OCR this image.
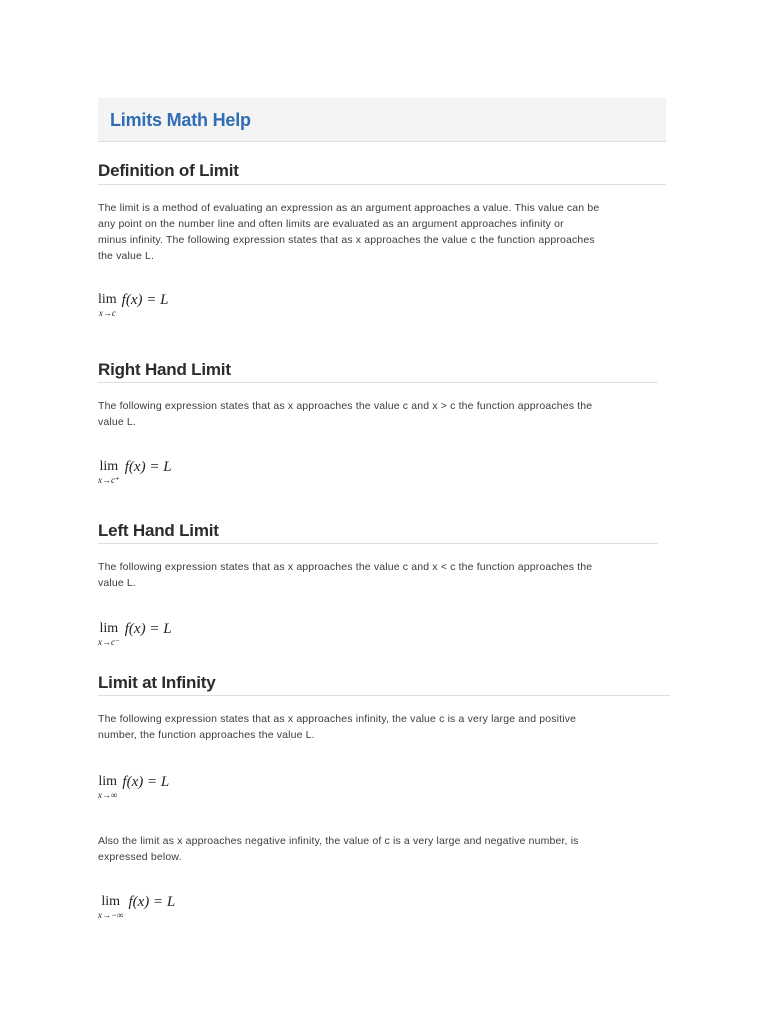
Limits Math Help
Definition of Limit
The limit is a method of evaluating an expression as an argument approaches a value. This value can be
any point on the number line and often limits are evaluated as an argument approaches infinity or
minus infinity. The following expression states that as x approaches the value c the function approaches
the value L.
lim
x→c
f(x) = L
Right Hand Limit
The following expression states that as x approaches the value c and x > c the function approaches the
value L.
lim
x→c⁺
f(x) = L
Left Hand Limit
The following expression states that as x approaches the value c and x < c the function approaches the
value L.
lim
x→c⁻
f(x) = L
Limit at Infinity
The following expression states that as x approaches infinity, the value c is a very large and positive
number, the function approaches the value L.
lim
x→∞
f(x) = L
Also the limit as x approaches negative infinity, the value of c is a very large and negative number, is
expressed below.
lim
x→−∞
f(x) = L
